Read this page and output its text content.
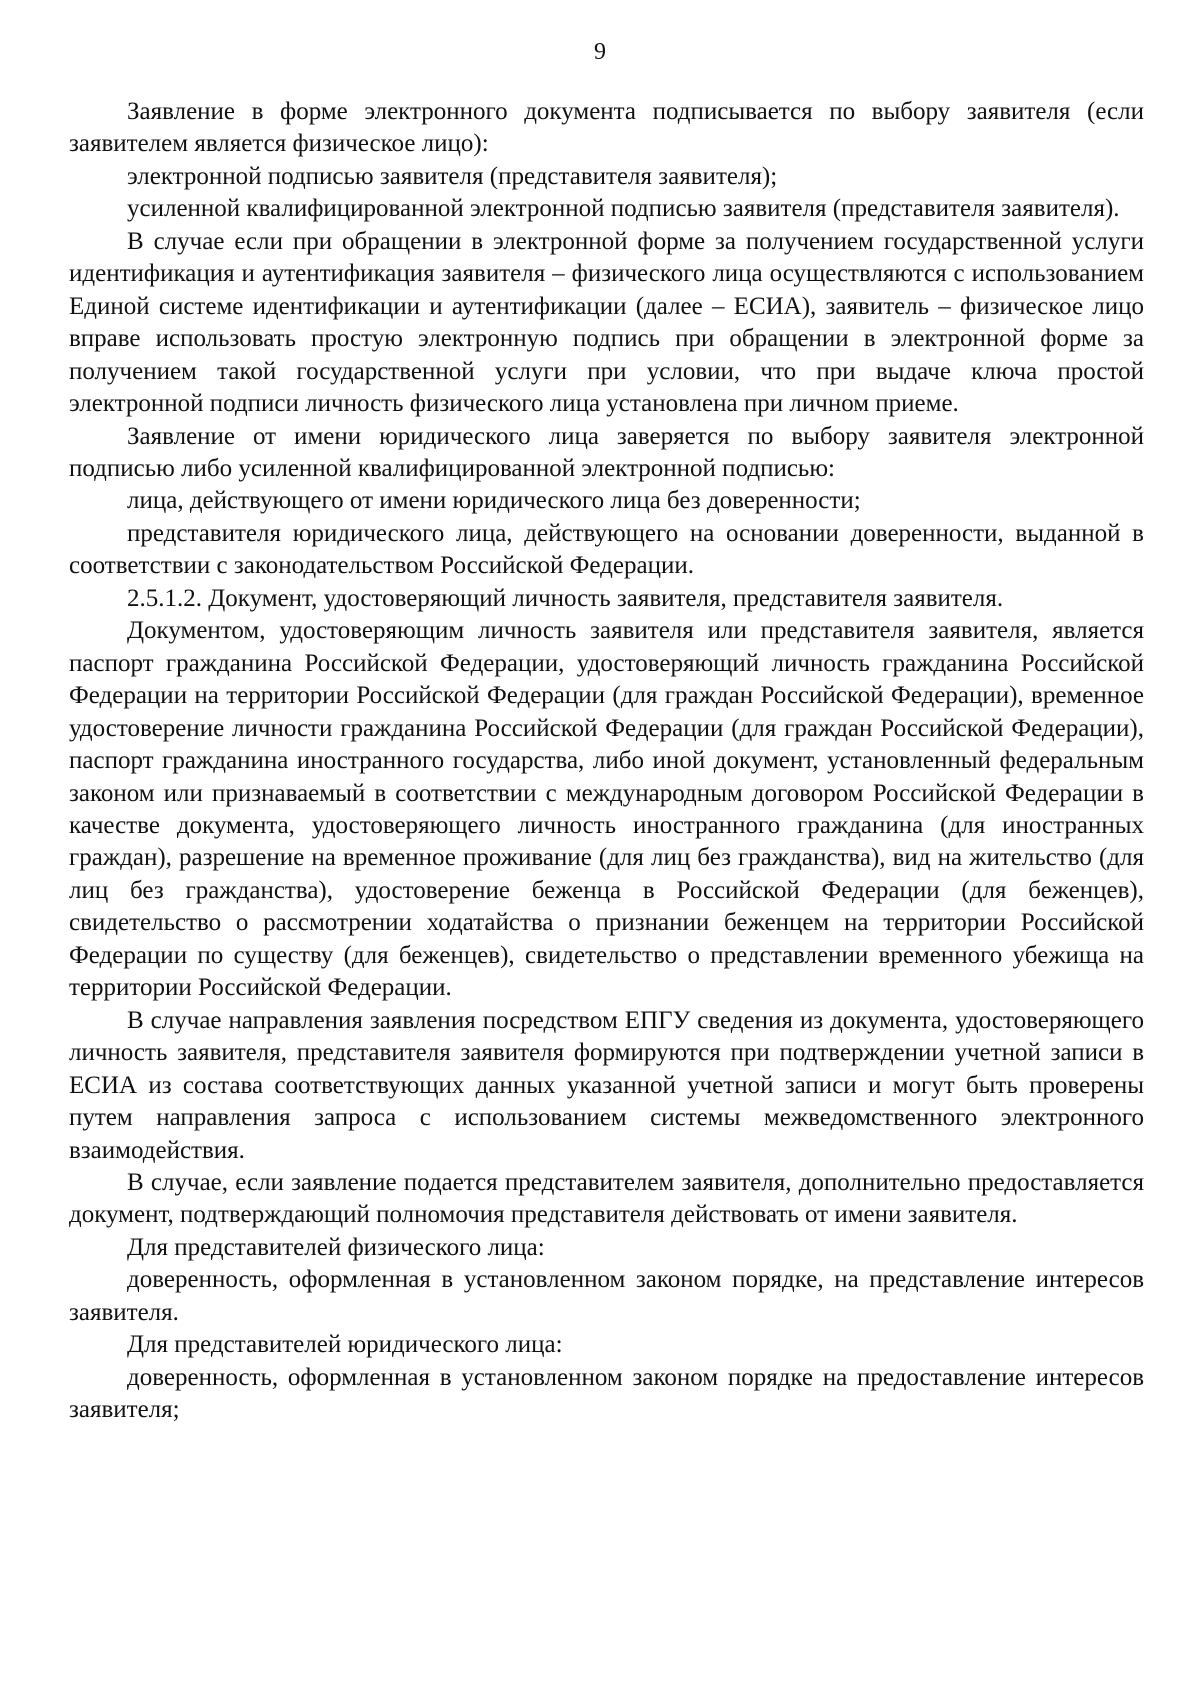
9

Заявление в форме электронного документа подписывается по выбору заявителя (если заявителем является физическое лицо):

электронной подписью заявителя (представителя заявителя);

усиленной квалифицированной электронной подписью заявителя (представителя заявителя).

В случае если при обращении в электронной форме за получением государственной услуги идентификация и аутентификация заявителя – физического лица осуществляются с использованием Единой системе идентификации и аутентификации (далее – ЕСИА), заявитель – физическое лицо вправе использовать простую электронную подпись при обращении в электронной форме за получением такой государственной услуги при условии, что при выдаче ключа простой электронной подписи личность физического лица установлена при личном приеме.

Заявление от имени юридического лица заверяется по выбору заявителя электронной подписью либо усиленной квалифицированной электронной подписью:

лица, действующего от имени юридического лица без доверенности;

представителя юридического лица, действующего на основании доверенности, выданной в соответствии с законодательством Российской Федерации.

2.5.1.2. Документ, удостоверяющий личность заявителя, представителя заявителя.

Документом, удостоверяющим личность заявителя или представителя заявителя, является паспорт гражданина Российской Федерации, удостоверяющий личность гражданина Российской Федерации на территории Российской Федерации (для граждан Российской Федерации), временное удостоверение личности гражданина Российской Федерации (для граждан Российской Федерации), паспорт гражданина иностранного государства, либо иной документ, установленный федеральным законом или признаваемый в соответствии с международным договором Российской Федерации в качестве документа, удостоверяющего личность иностранного гражданина (для иностранных граждан), разрешение на временное проживание (для лиц без гражданства), вид на жительство (для лиц без гражданства), удостоверение беженца в Российской Федерации (для беженцев), свидетельство о рассмотрении ходатайства о признании беженцем на территории Российской Федерации по существу (для беженцев), свидетельство о представлении временного убежища на территории Российской Федерации.

В случае направления заявления посредством ЕПГУ сведения из документа, удостоверяющего личность заявителя, представителя заявителя формируются при подтверждении учетной записи в ЕСИА из состава соответствующих данных указанной учетной записи и могут быть проверены путем направления запроса с использованием системы межведомственного электронного взаимодействия.

В случае, если заявление подается представителем заявителя, дополнительно предоставляется документ, подтверждающий полномочия представителя действовать от имени заявителя.

Для представителей физического лица:

доверенность, оформленная в установленном законом порядке, на представление интересов заявителя.

Для представителей юридического лица:

доверенность, оформленная в установленном законом порядке на предоставление интересов заявителя;
